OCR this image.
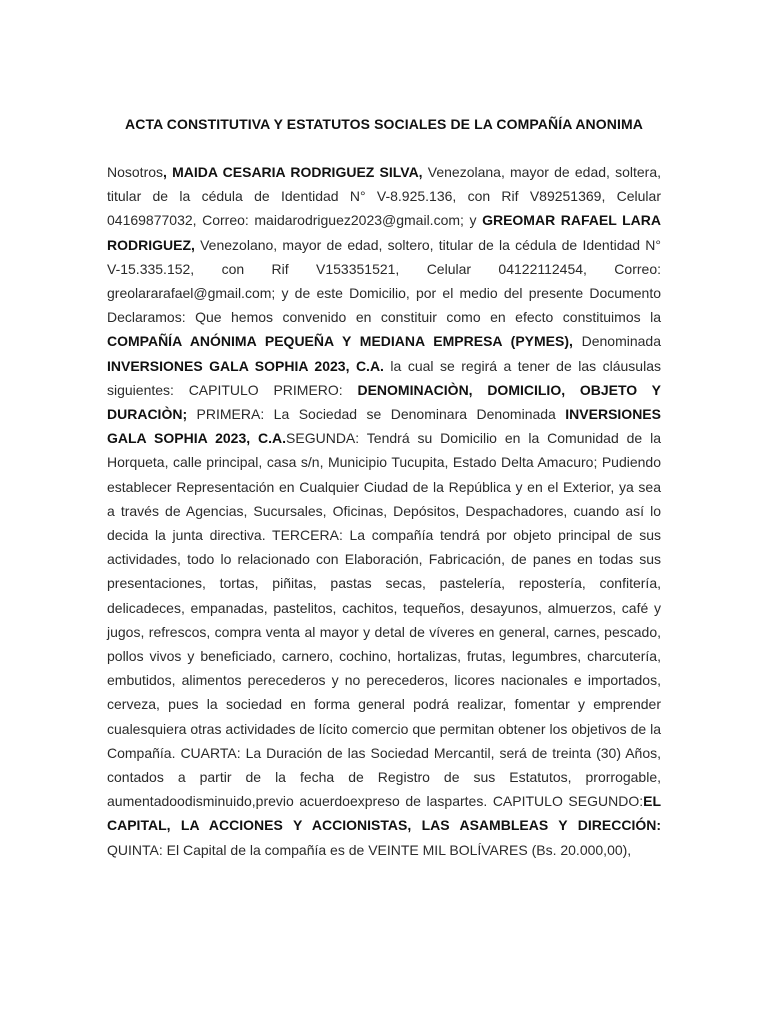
ACTA CONSTITUTIVA Y ESTATUTOS SOCIALES DE LA COMPAÑÍA ANONIMA
Nosotros, MAIDA CESARIA RODRIGUEZ SILVA, Venezolana, mayor de edad, soltera, titular de la cédula de Identidad N° V-8.925.136, con Rif V89251369, Celular 04169877032, Correo: maidarodriguez2023@gmail.com; y GREOMAR RAFAEL LARA RODRIGUEZ, Venezolano, mayor de edad, soltero, titular de la cédula de Identidad N° V-15.335.152, con Rif V153351521, Celular 04122112454, Correo: greolararafael@gmail.com; y de este Domicilio, por el medio del presente Documento Declaramos: Que hemos convenido en constituir como en efecto constituimos la COMPAÑÍA ANÓNIMA PEQUEÑA Y MEDIANA EMPRESA (PYMES), Denominada INVERSIONES GALA SOPHIA 2023, C.A. la cual se regirá a tener de las cláusulas siguientes: CAPITULO PRIMERO: DENOMINACIÒN, DOMICILIO, OBJETO Y DURACIÒN; PRIMERA: La Sociedad se Denominara Denominada INVERSIONES GALA SOPHIA 2023, C.A.SEGUNDA: Tendrá su Domicilio en la Comunidad de la Horqueta, calle principal, casa s/n, Municipio Tucupita, Estado Delta Amacuro; Pudiendo establecer Representación en Cualquier Ciudad de la República y en el Exterior, ya sea a través de Agencias, Sucursales, Oficinas, Depósitos, Despachadores, cuando así lo decida la junta directiva. TERCERA: La compañía tendrá por objeto principal de sus actividades, todo lo relacionado con Elaboración, Fabricación, de panes en todas sus presentaciones, tortas, piñitas, pastas secas, pastelería, repostería, confitería, delicadeces, empanadas, pastelitos, cachitos, tequeños, desayunos, almuerzos, café y jugos, refrescos, compra venta al mayor y detal de víveres en general, carnes, pescado, pollos vivos y beneficiado, carnero, cochino, hortalizas, frutas, legumbres, charcutería, embutidos, alimentos perecederos y no perecederos, licores nacionales e importados, cerveza, pues la sociedad en forma general podrá realizar, fomentar y emprender cualesquiera otras actividades de lícito comercio que permitan obtener los objetivos de la Compañía. CUARTA: La Duración de las Sociedad Mercantil, será de treinta (30) Años, contados a partir de la fecha de Registro de sus Estatutos, prorrogable, aumentadoodisminuido,previo acuerdoexpreso de laspartes. CAPITULO SEGUNDO:EL CAPITAL, LA ACCIONES Y ACCIONISTAS, LAS ASAMBLEAS Y DIRECCIÓN: QUINTA: El Capital de la compañía es de VEINTE MIL BOLÍVARES (Bs. 20.000,00),
